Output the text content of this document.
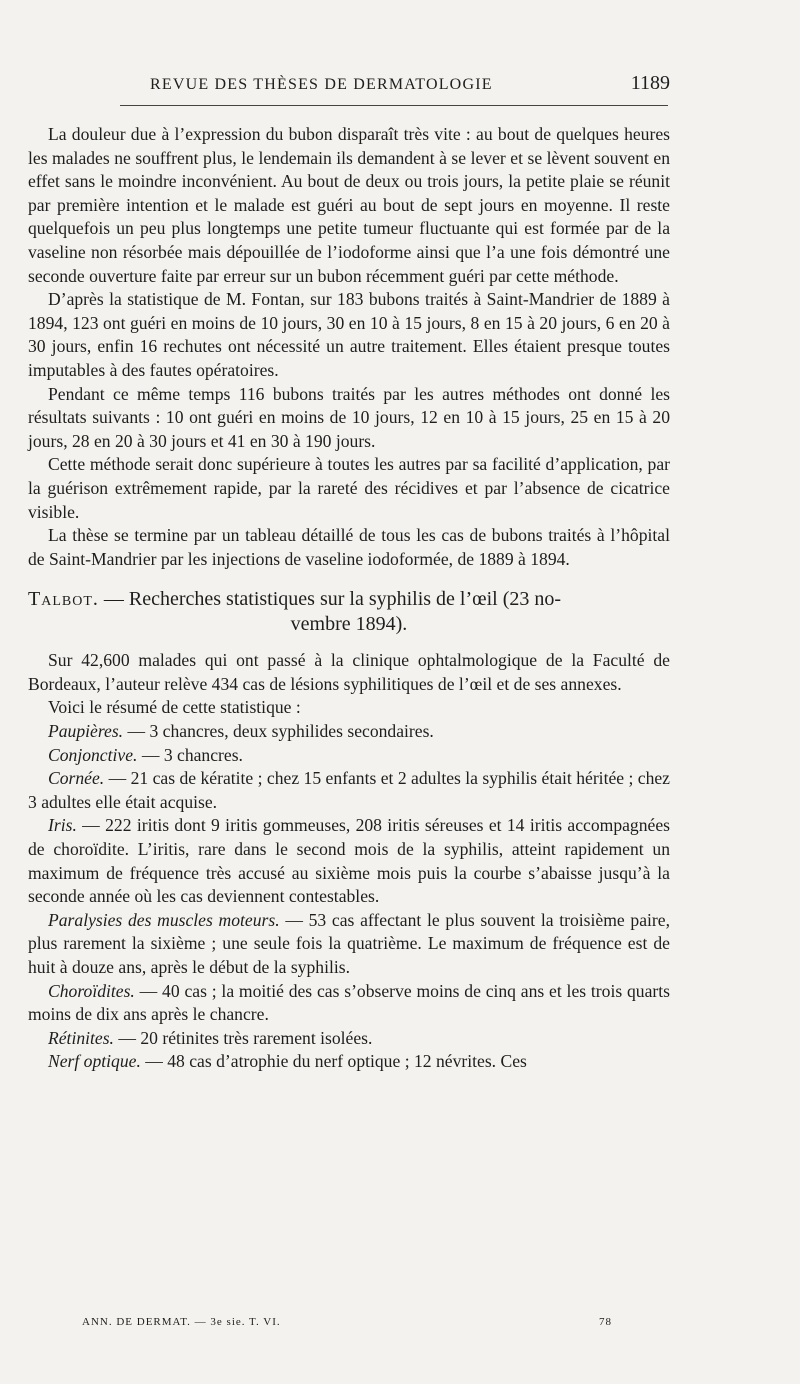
REVUE DES THÈSES DE DERMATOLOGIE	1189

La douleur due à l’expression du bubon disparaît très vite : au bout de quelques heures les malades ne souffrent plus, le lendemain ils demandent à se lever et se lèvent souvent en effet sans le moindre inconvénient. Au bout de deux ou trois jours, la petite plaie se réunit par première intention et le malade est guéri au bout de sept jours en moyenne. Il reste quelquefois un peu plus longtemps une petite tumeur fluctuante qui est formée par de la vaseline non résorbée mais dépouillée de l’iodoforme ainsi que l’a une fois démontré une seconde ouverture faite par erreur sur un bubon récemment guéri par cette méthode.

D’après la statistique de M. Fontan, sur 183 bubons traités à Saint-Mandrier de 1889 à 1894, 123 ont guéri en moins de 10 jours, 30 en 10 à 15 jours, 8 en 15 à 20 jours, 6 en 20 à 30 jours, enfin 16 rechutes ont nécessité un autre traitement. Elles étaient presque toutes imputables à des fautes opératoires.

Pendant ce même temps 116 bubons traités par les autres méthodes ont donné les résultats suivants : 10 ont guéri en moins de 10 jours, 12 en 10 à 15 jours, 25 en 15 à 20 jours, 28 en 20 à 30 jours et 41 en 30 à 190 jours.

Cette méthode serait donc supérieure à toutes les autres par sa facilité d’application, par la guérison extrêmement rapide, par la rareté des récidives et par l’absence de cicatrice visible.

La thèse se termine par un tableau détaillé de tous les cas de bubons traités à l’hôpital de Saint-Mandrier par les injections de vaseline iodoformée, de 1889 à 1894.

Talbot. — Recherches statistiques sur la syphilis de l’œil (23 no-
vembre 1894).

Sur 42,600 malades qui ont passé à la clinique ophtalmologique de la Faculté de Bordeaux, l’auteur relève 434 cas de lésions syphilitiques de l’œil et de ses annexes.

Voici le résumé de cette statistique :

Paupières. — 3 chancres, deux syphilides secondaires.

Conjonctive. — 3 chancres.

Cornée. — 21 cas de kératite ; chez 15 enfants et 2 adultes la syphilis était héritée ; chez 3 adultes elle était acquise.

Iris. — 222 iritis dont 9 iritis gommeuses, 208 iritis séreuses et 14 iritis accompagnées de choroïdite. L’iritis, rare dans le second mois de la syphilis, atteint rapidement un maximum de fréquence très accusé au sixième mois puis la courbe s’abaisse jusqu’à la seconde année où les cas deviennent contestables.

Paralysies des muscles moteurs. — 53 cas affectant le plus souvent la troisième paire, plus rarement la sixième ; une seule fois la quatrième. Le maximum de fréquence est de huit à douze ans, après le début de la syphilis.

Choroïdites. — 40 cas ; la moitié des cas s’observe moins de cinq ans et les trois quarts moins de dix ans après le chancre.

Rétinites. — 20 rétinites très rarement isolées.

Nerf optique. — 48 cas d’atrophie du nerf optique ; 12 névrites. Ces

ANN. DE DERMAT. — 3e sie. T. VI.	78
